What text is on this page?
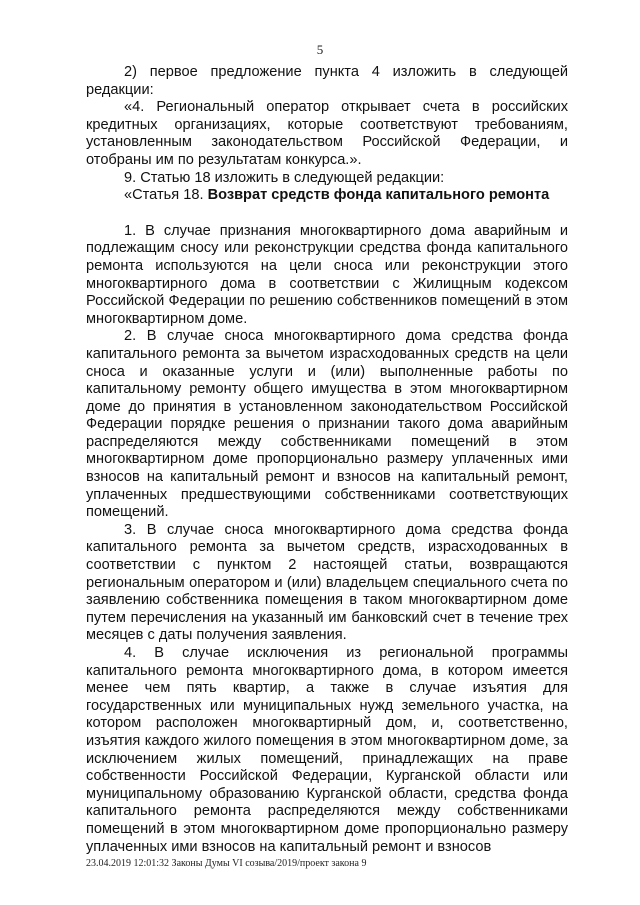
5

2) первое предложение пункта 4 изложить в следующей редакции:

«4. Региональный оператор открывает счета в российских кредитных организациях, которые соответствуют требованиям, установленным законодательством Российской Федерации, и отобраны им по результатам конкурса.».

9. Статью 18 изложить в следующей редакции:

«Статья 18. Возврат средств фонда капитального ремонта

1. В случае признания многоквартирного дома аварийным и подлежащим сносу или реконструкции средства фонда капитального ремонта используются на цели сноса или реконструкции этого многоквартирного дома в соответствии с Жилищным кодексом Российской Федерации по решению собственников помещений в этом многоквартирном доме.

2. В случае сноса многоквартирного дома средства фонда капитального ремонта за вычетом израсходованных средств на цели сноса и оказанные услуги и (или) выполненные работы по капитальному ремонту общего имущества в этом многоквартирном доме до принятия в установленном законодательством Российской Федерации порядке решения о признании такого дома аварийным распределяются между собственниками помещений в этом многоквартирном доме пропорционально размеру уплаченных ими взносов на капитальный ремонт и взносов на капитальный ремонт, уплаченных предшествующими собственниками соответствующих помещений.

3. В случае сноса многоквартирного дома средства фонда капитального ремонта за вычетом средств, израсходованных в соответствии с пунктом 2 настоящей статьи, возвращаются региональным оператором и (или) владельцем специального счета по заявлению собственника помещения в таком многоквартирном доме путем перечисления на указанный им банковский счет в течение трех месяцев с даты получения заявления.

4. В случае исключения из региональной программы капитального ремонта многоквартирного дома, в котором имеется менее чем пять квартир, а также в случае изъятия для государственных или муниципальных нужд земельного участка, на котором расположен многоквартирный дом, и, соответственно, изъятия каждого жилого помещения в этом многоквартирном доме, за исключением жилых помещений, принадлежащих на праве собственности Российской Федерации, Курганской области или муниципальному образованию Курганской области, средства фонда капитального ремонта распределяются между собственниками помещений в этом многоквартирном доме пропорционально размеру уплаченных ими взносов на капитальный ремонт и взносов

23.04.2019 12:01:32 Законы Думы VI созыва/2019/проект закона 9
